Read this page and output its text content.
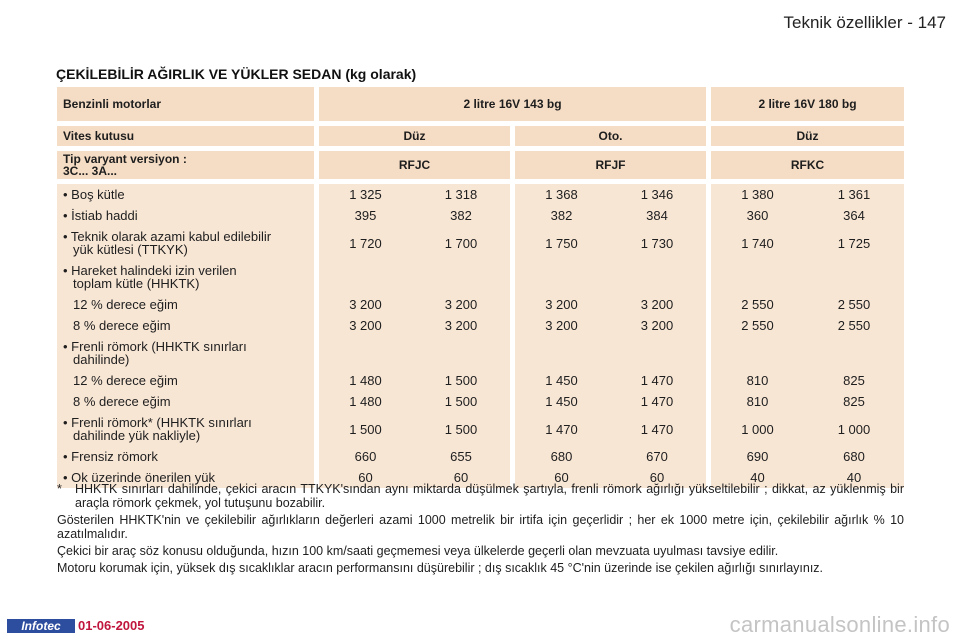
Teknik özellikler - 147
ÇEKİLEBİLİR AĞIRLIK VE YÜKLER SEDAN (kg olarak)
Benzinli motorlar	2 litre 16V 143 bg				2 litre 16V 180 bg	

Vites kutusu	Düz		Oto.		Düz	

Tip varyant versiyon :
3C... 3A...	RFJC		RFJF		RFKC	

• Boş kütle	1 325	1 318	1 368	1 346	1 380	1 361

• İstiab haddi	395	382	382	384	360	364

• Teknik olarak azami kabul edilebilir
yük kütlesi (TTKYK)	1 720	1 700	1 750	1 730	1 740	1 725

• Hareket halindeki izin verilen
toplam kütle (HHKTK)						

12 % derece eğim	3 200	3 200	3 200	3 200	2 550	2 550

8 % derece eğim	3 200	3 200	3 200	3 200	2 550	2 550

• Frenli römork (HHKTK sınırları
dahilinde)						

12 % derece eğim	1 480	1 500	1 450	1 470	810	825

8 % derece eğim	1 480	1 500	1 450	1 470	810	825

• Frenli römork* (HHKTK sınırları
dahilinde yük nakliyle)	1 500	1 500	1 470	1 470	1 000	1 000

• Frensiz römork	660	655	680	670	690	680

• Ok üzerinde önerilen yük	60	60	60	60	40	40
*	HHKTK sınırları dahilinde, çekici aracın TTKYK'sından aynı miktarda düşülmek şartıyla, frenli römork ağırlığı yükseltilebilir ; dikkat, az yüklenmiş bir araçla römork çekmek, yol tutuşunu bozabilir.
Gösterilen HHKTK'nin ve çekilebilir ağırlıkların değerleri azami 1000 metrelik bir irtifa için geçerlidir ; her ek 1000 metre için, çekilebilir ağırlık % 10 azatılmalıdır.
Çekici bir araç söz konusu olduğunda, hızın 100 km/saati geçmemesi veya ülkelerde geçerli olan mevzuata uyulması tavsiye edilir.
Motoru korumak için, yüksek dış sıcaklıklar aracın performansını düşürebilir ; dış sıcaklık 45 °C'nin üzerinde ise çekilen ağırlığı sınırlayınız.
Infotec	01-06-2005	carmanualsonline.info
